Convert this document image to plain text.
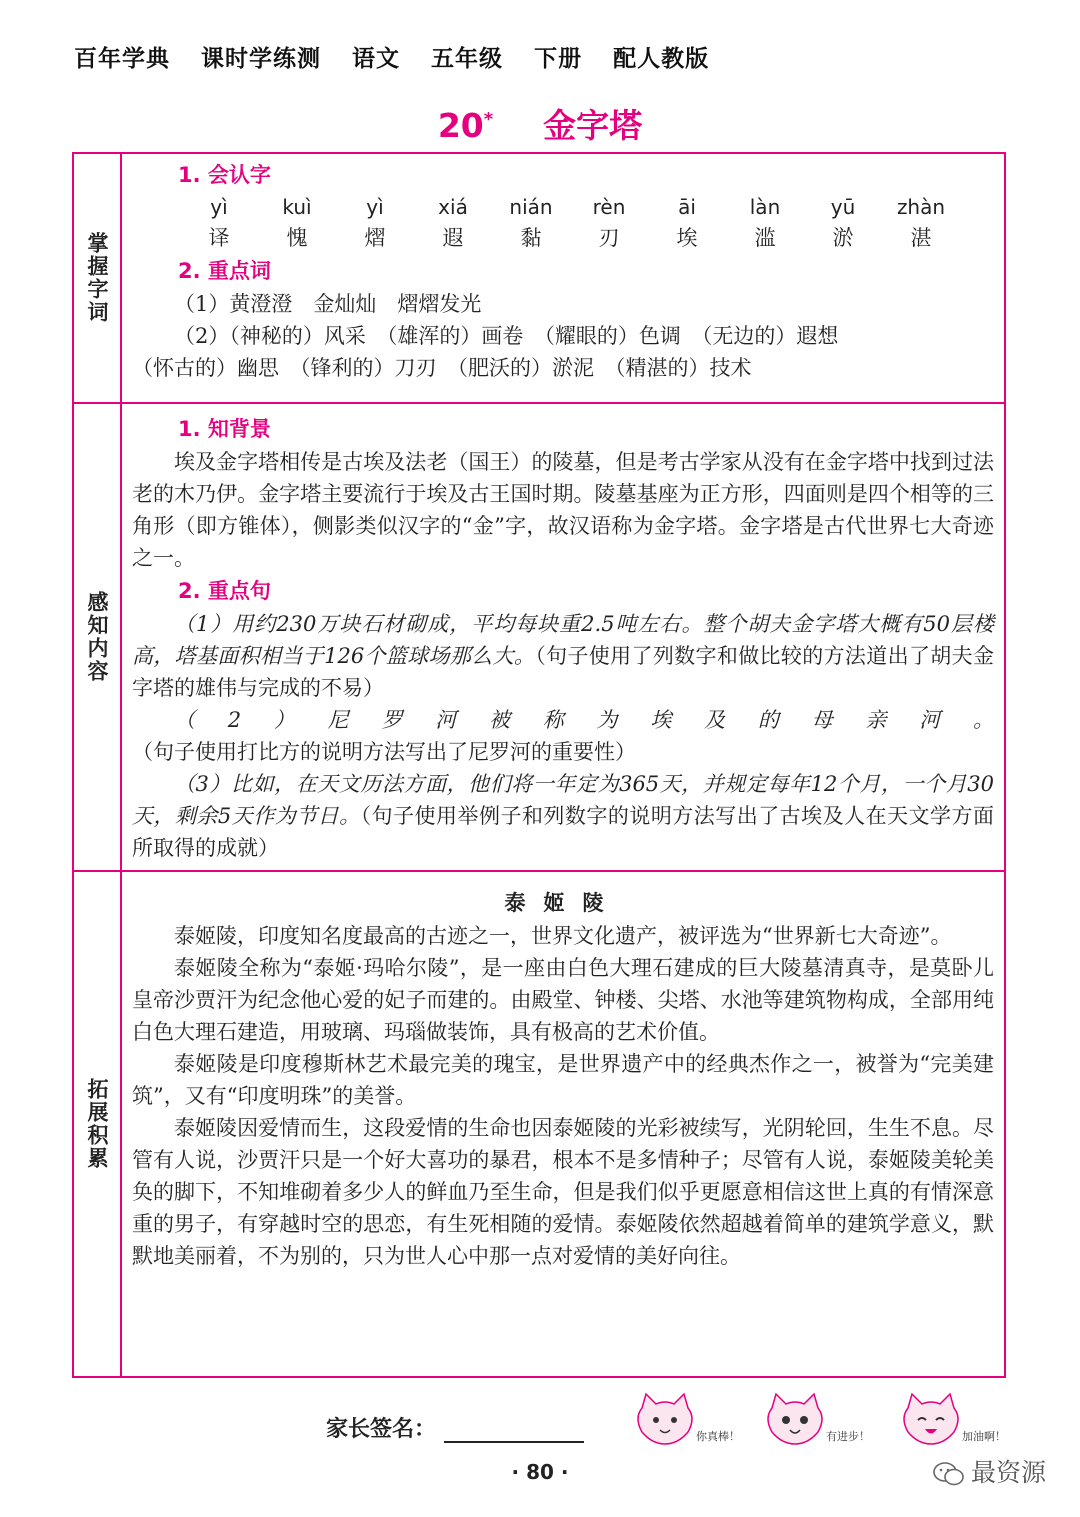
百年学典 课时学练测 语文 五年级 下册 配人教版
20* 金字塔
掌握字词
1. 会认字
yì	kuì	yì	xiá	nián	rèn	āi	làn	yū	zhàn
译	愧	熠	遐	黏	刃	埃	滥	淤	湛
2. 重点词

（1）黄澄澄　金灿灿　熠熠发光

（2）（神秘的）风采　（雄浑的）画卷　（耀眼的）色调　（无边的）遐想

（怀古的）幽思　（锋利的）刀刃　（肥沃的）淤泥　（精湛的）技术

感知内容
1. 知背景

埃及金字塔相传是古埃及法老（国王）的陵墓，但是考古学家从没有在金字塔中找到过法老的木乃伊。金字塔主要流行于埃及古王国时期。陵墓基座为正方形，四面则是四个相等的三角形（即方锥体），侧影类似汉字的“金”字，故汉语称为金字塔。金字塔是古代世界七大奇迹之一。

2. 重点句

（1）用约230万块石材砌成，平均每块重2.5吨左右。整个胡夫金字塔大概有50层楼高，塔基面积相当于126个篮球场那么大。（句子使用了列数字和做比较的方法道出了胡夫金字塔的雄伟与完成的不易）

（2）尼罗河被称为埃及的母亲河。（句子使用打比方的说明方法写出了尼罗河的重要性）

（3）比如，在天文历法方面，他们将一年定为365天，并规定每年12个月，一个月30天，剩余5天作为节日。（句子使用举例子和列数字的说明方法写出了古埃及人在天文学方面所取得的成就）

拓展积累
泰姬陵

泰姬陵，印度知名度最高的古迹之一，世界文化遗产，被评选为“世界新七大奇迹”。

泰姬陵全称为“泰姬·玛哈尔陵”，是一座由白色大理石建成的巨大陵墓清真寺，是莫卧儿皇帝沙贾汗为纪念他心爱的妃子而建的。由殿堂、钟楼、尖塔、水池等建筑物构成，全部用纯白色大理石建造，用玻璃、玛瑙做装饰，具有极高的艺术价值。

泰姬陵是印度穆斯林艺术最完美的瑰宝，是世界遗产中的经典杰作之一，被誉为“完美建筑”，又有“印度明珠”的美誉。

泰姬陵因爱情而生，这段爱情的生命也因泰姬陵的光彩被续写，光阴轮回，生生不息。尽管有人说，沙贾汗只是一个好大喜功的暴君，根本不是多情种子；尽管有人说，泰姬陵美轮美奂的脚下，不知堆砌着多少人的鲜血乃至生命，但是我们似乎更愿意相信这世上真的有情深意重的男子，有穿越时空的思恋，有生死相随的爱情。泰姬陵依然超越着简单的建筑学意义，默默地美丽着，不为别的，只为世人心中那一点对爱情的美好向往。

家长签名：	你真棒！	有进步！	加油啊！
· 80 ·	最资源
